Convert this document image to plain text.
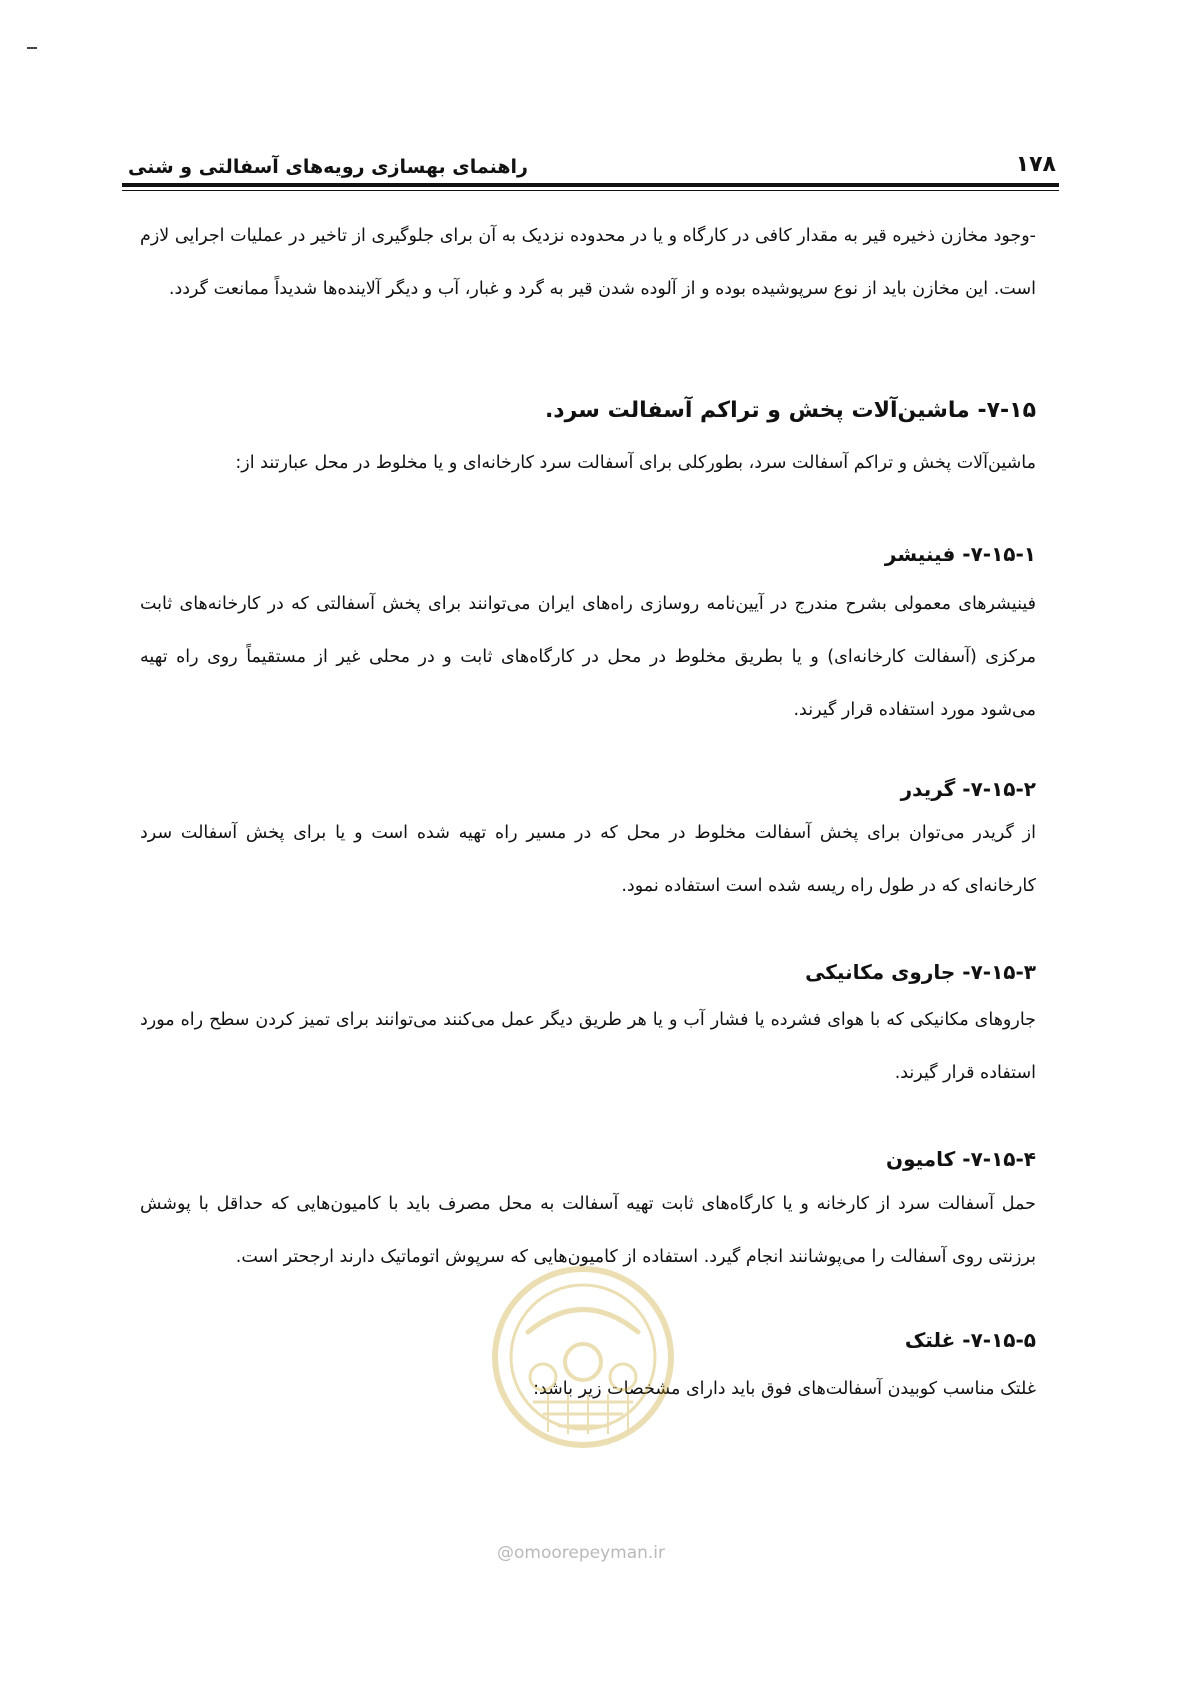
۱۷۸
راهنمای بهسازی رویه‌های آسفالتی و شنی

-وجود مخازن ذخیره قیر به مقدار کافی در کارگاه و یا در محدوده نزدیک به آن برای جلوگیری از تاخیر در عملیات اجرایی لازم است. این مخازن باید از نوع سرپوشیده بوده و از آلوده شدن قیر به گرد و غبار، آب و دیگر آلاینده‌ها شدیداً ممانعت گردد.

۷-۱۵- ماشین‌آلات پخش و تراکم آسفالت سرد.

ماشین‌آلات پخش و تراکم آسفالت سرد، بطورکلی برای آسفالت سرد کارخانه‌ای و یا مخلوط در محل عبارتند از:

۷-۱۵-۱- فینیشر

فینیشرهای معمولی بشرح مندرج در آیین‌نامه روسازی راه‌های ایران می‌توانند برای پخش آسفالتی که در کارخانه‌های ثابت مرکزی (آسفالت کارخانه‌ای) و یا بطریق مخلوط در محل در کارگاه‌های ثابت و در محلی غیر از مستقیماً روی راه تهیه می‌شود مورد استفاده قرار گیرند.

۷-۱۵-۲- گریدر

از گریدر می‌توان برای پخش آسفالت مخلوط در محل که در مسیر راه تهیه شده است و یا برای پخش آسفالت سرد کارخانه‌ای که در طول راه ریسه شده است استفاده نمود.

۷-۱۵-۳- جاروی مکانیکی

جاروهای مکانیکی که با هوای فشرده یا فشار آب و یا هر طریق دیگر عمل می‌کنند می‌توانند برای تمیز کردن سطح راه مورد استفاده قرار گیرند.

۷-۱۵-۴- کامیون

حمل آسفالت سرد از کارخانه و یا کارگاه‌های ثابت تهیه آسفالت به محل مصرف باید با کامیون‌هایی که حداقل با پوشش برزنتی روی آسفالت را می‌پوشانند انجام گیرد. استفاده از کامیون‌هایی که سرپوش اتوماتیک دارند ارجحتر است.

۷-۱۵-۵- غلتک

غلتک مناسب کوبیدن آسفالت‌های فوق باید دارای مشخصات زیر باشد:

@omoorepeyman.ir
